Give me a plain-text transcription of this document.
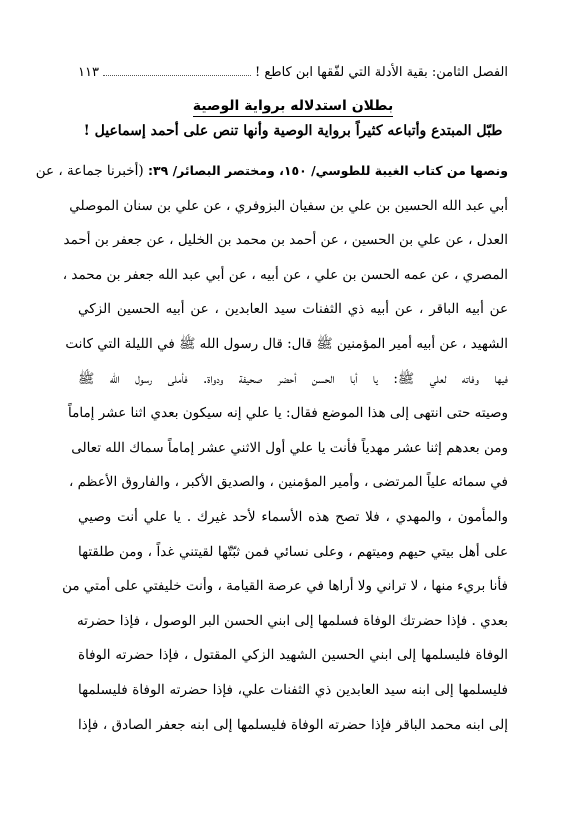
الفصل الثامن: بقية الأدلة التي لفّقها ابن كاطع !
١١٣
بطلان استدلاله برواية الوصية
طبّل المبتدع وأتباعه كثيراً برواية الوصية وأنها تنص على أحمد إسماعيل !
ونصها من كتاب الغيبة للطوسي/ ١٥٠، ومختصر البصائر/ ٣٩: (أخبرنا جماعة ، عن
أبي عبد الله الحسين بن علي بن سفيان البزوفري ، عن علي بن سنان الموصلي
العدل ، عن علي بن الحسين ، عن أحمد بن محمد بن الخليل ، عن جعفر بن أحمد
المصري ، عن عمه الحسن بن علي ، عن أبيه ، عن أبي عبد الله جعفر بن محمد ،
عن أبيه الباقر ، عن أبيه ذي الثفنات سيد العابدين ، عن أبيه الحسين الزكي
الشهيد ، عن أبيه أمير المؤمنين ﷺ قال: قال رسول الله ﷺ في الليلة التي كانت
فيها وفاته لعلي ﷺ: يا أبا الحسن أحضر صحيفة ودواة. فأملى رسول الله ﷺ
وصيته حتى انتهى إلى هذا الموضع فقال: يا علي إنه سيكون بعدي اثنا عشر إماماً
ومن بعدهم إثنا عشر مهدياً فأنت يا علي أول الاثني عشر إماماً سماك الله تعالى
في سمائه علياً المرتضى ، وأمير المؤمنين ، والصديق الأكبر ، والفاروق الأعظم ،
والمأمون ، والمهدي ، فلا تصح هذه الأسماء لأحد غيرك . يا علي أنت وصيي
على أهل بيتي حيهم وميتهم ، وعلى نسائي فمن ثبّتّها لقيتني غداً ، ومن طلقتها
فأنا بريء منها ، لا تراني ولا أراها في عرصة القيامة ، وأنت خليفتي على أمتي من
بعدي . فإذا حضرتك الوفاة فسلمها إلى ابني الحسن البر الوصول ، فإذا حضرته
الوفاة فليسلمها إلى ابني الحسين الشهيد الزكي المقتول ، فإذا حضرته الوفاة
فليسلمها إلى ابنه سيد العابدين ذي الثفنات علي، فإذا حضرته الوفاة فليسلمها
إلى ابنه محمد الباقر فإذا حضرته الوفاة فليسلمها إلى ابنه جعفر الصادق ، فإذا
